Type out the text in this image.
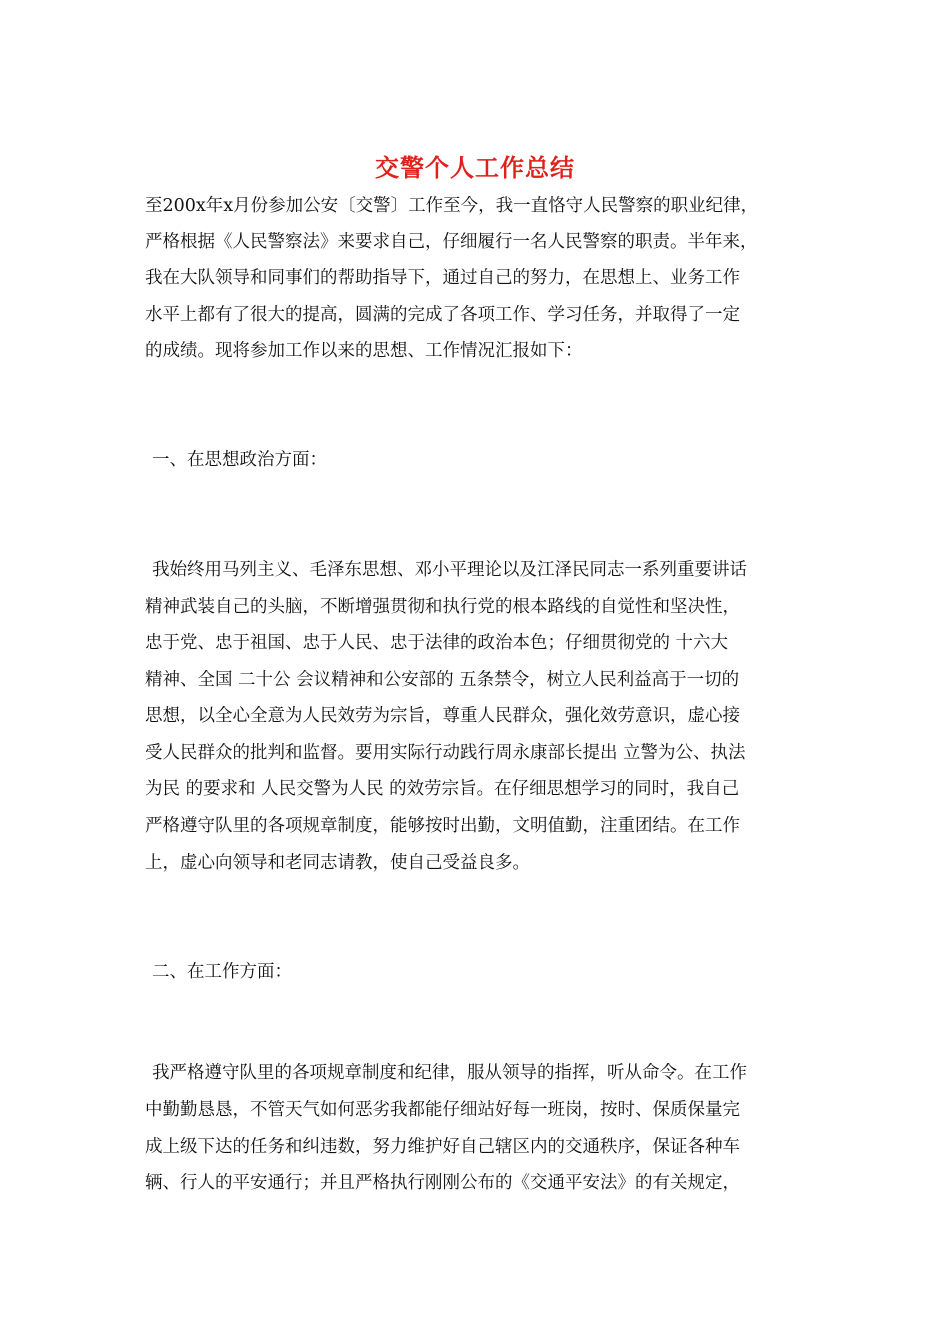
交警个人工作总结
至200x年x月份参加公安〔交警〕工作至今，我一直恪守人民警察的职业纪律，
严格根据《人民警察法》来要求自己，仔细履行一名人民警察的职责。半年来，
我在大队领导和同事们的帮助指导下，通过自己的努力，在思想上、业务工作
水平上都有了很大的提高，圆满的完成了各项工作、学习任务，并取得了一定
的成绩。现将参加工作以来的思想、工作情况汇报如下：
一、在思想政治方面：
我始终用马列主义、毛泽东思想、邓小平理论以及江泽民同志一系列重要讲话
精神武装自己的头脑，不断增强贯彻和执行党的根本路线的自觉性和坚决性，
忠于党、忠于祖国、忠于人民、忠于法律的政治本色；仔细贯彻党的 十六大
精神、全国 二十公 会议精神和公安部的 五条禁令，树立人民利益高于一切的
思想，以全心全意为人民效劳为宗旨，尊重人民群众，强化效劳意识，虚心接
受人民群众的批判和监督。要用实际行动践行周永康部长提出 立警为公、执法
为民 的要求和 人民交警为人民 的效劳宗旨。在仔细思想学习的同时，我自己
严格遵守队里的各项规章制度，能够按时出勤，文明值勤，注重团结。在工作
上，虚心向领导和老同志请教，使自己受益良多。
二、在工作方面：
我严格遵守队里的各项规章制度和纪律，服从领导的指挥，听从命令。在工作
中勤勤恳恳，不管天气如何恶劣我都能仔细站好每一班岗，按时、保质保量完
成上级下达的任务和纠违数，努力维护好自己辖区内的交通秩序，保证各种车
辆、行人的平安通行；并且严格执行刚刚公布的《交通平安法》的有关规定，
